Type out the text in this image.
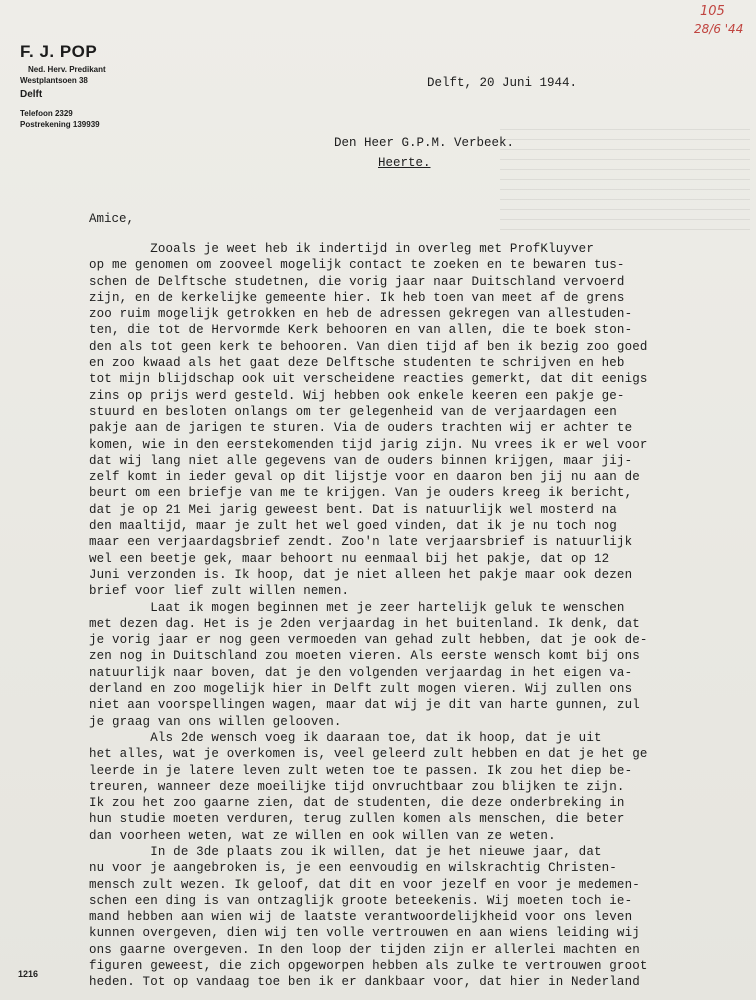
F. J. POP
Ned. Herv. Predikant
Westplantsoen 38
Delft
Telefoon 2329
Postrekening 139939
105
28/6 '44
Delft, 20 Juni 1944.
Den Heer G.P.M. Verbeek.
Heerte.
Amice,
Zooals je weet heb ik indertijd in overleg met ProfKluyver
op me genomen om zooveel mogelijk contact te zoeken en te bewaren tus-
schen de Delftsche studetnen, die vorig jaar naar Duitschland vervoerd
zijn, en de kerkelijke gemeente hier. Ik heb toen van meet af de grens
zoo ruim mogelijk getrokken en heb de adressen gekregen van allestuden-
ten, die tot de Hervormde Kerk behooren en van allen, die te boek ston-
den als tot geen kerk te behooren. Van dien tijd af ben ik bezig zoo goed
en zoo kwaad als het gaat deze Delftsche studenten te schrijven en heb
tot mijn blijdschap ook uit verscheidene reacties gemerkt, dat dit eenigs
zins op prijs werd gesteld. Wij hebben ook enkele keeren een pakje ge-
stuurd en besloten onlangs om ter gelegenheid van de verjaardagen een
pakje aan de jarigen te sturen. Via de ouders trachten wij er achter te
komen, wie in den eerstekomenden tijd jarig zijn. Nu vrees ik er wel voor
dat wij lang niet alle gegevens van de ouders binnen krijgen, maar jij-
zelf komt in ieder geval op dit lijstje voor en daaron ben jij nu aan de
beurt om een briefje van me te krijgen. Van je ouders kreeg ik bericht,
dat je op 21 Mei jarig geweest bent. Dat is natuurlijk wel mosterd na
den maaltijd, maar je zult het wel goed vinden, dat ik je nu toch nog
maar een verjaardagsbrief zendt. Zoo'n late verjaarsbrief is natuurlijk
wel een beetje gek, maar behoort nu eenmaal bij het pakje, dat op 12
Juni verzonden is. Ik hoop, dat je niet alleen het pakje maar ook dezen
brief voor lief zult willen nemen.
Laat ik mogen beginnen met je zeer hartelijk geluk te wenschen
met dezen dag. Het is je 2den verjaardag in het buitenland. Ik denk, dat
je vorig jaar er nog geen vermoeden van gehad zult hebben, dat je ook de-
zen nog in Duitschland zou moeten vieren. Als eerste wensch komt bij ons
natuurlijk naar boven, dat je den volgenden verjaardag in het eigen va-
derland en zoo mogelijk hier in Delft zult mogen vieren. Wij zullen ons
niet aan voorspellingen wagen, maar dat wij je dit van harte gunnen, zul
je graag van ons willen gelooven.
Als 2de wensch voeg ik daaraan toe, dat ik hoop, dat je uit
het alles, wat je overkomen is, veel geleerd zult hebben en dat je het ge
leerde in je latere leven zult weten toe te passen. Ik zou het diep be-
treuren, wanneer deze moeilijke tijd onvruchtbaar zou blijken te zijn.
Ik zou het zoo gaarne zien, dat de studenten, die deze onderbreking in
hun studie moeten verduren, terug zullen komen als menschen, die beter
dan voorheen weten, wat ze willen en ook willen van ze weten.
In de 3de plaats zou ik willen, dat je het nieuwe jaar, dat
nu voor je aangebroken is, je een eenvoudig en wilskrachtig Christen-
mensch zult wezen. Ik geloof, dat dit en voor jezelf en voor je medemen-
schen een ding is van ontzaglijk groote beteekenis. Wij moeten toch ie-
mand hebben aan wien wij de laatste verantwoordelijkheid voor ons leven
kunnen overgeven, dien wij ten volle vertrouwen en aan wiens leiding wij
ons gaarne overgeven. In den loop der tijden zijn er allerlei machten en
figuren geweest, die zich opgeworpen hebben als zulke te vertrouwen groot
heden. Tot op vandaag toe ben ik er dankbaar voor, dat hier in Nederland
1216
